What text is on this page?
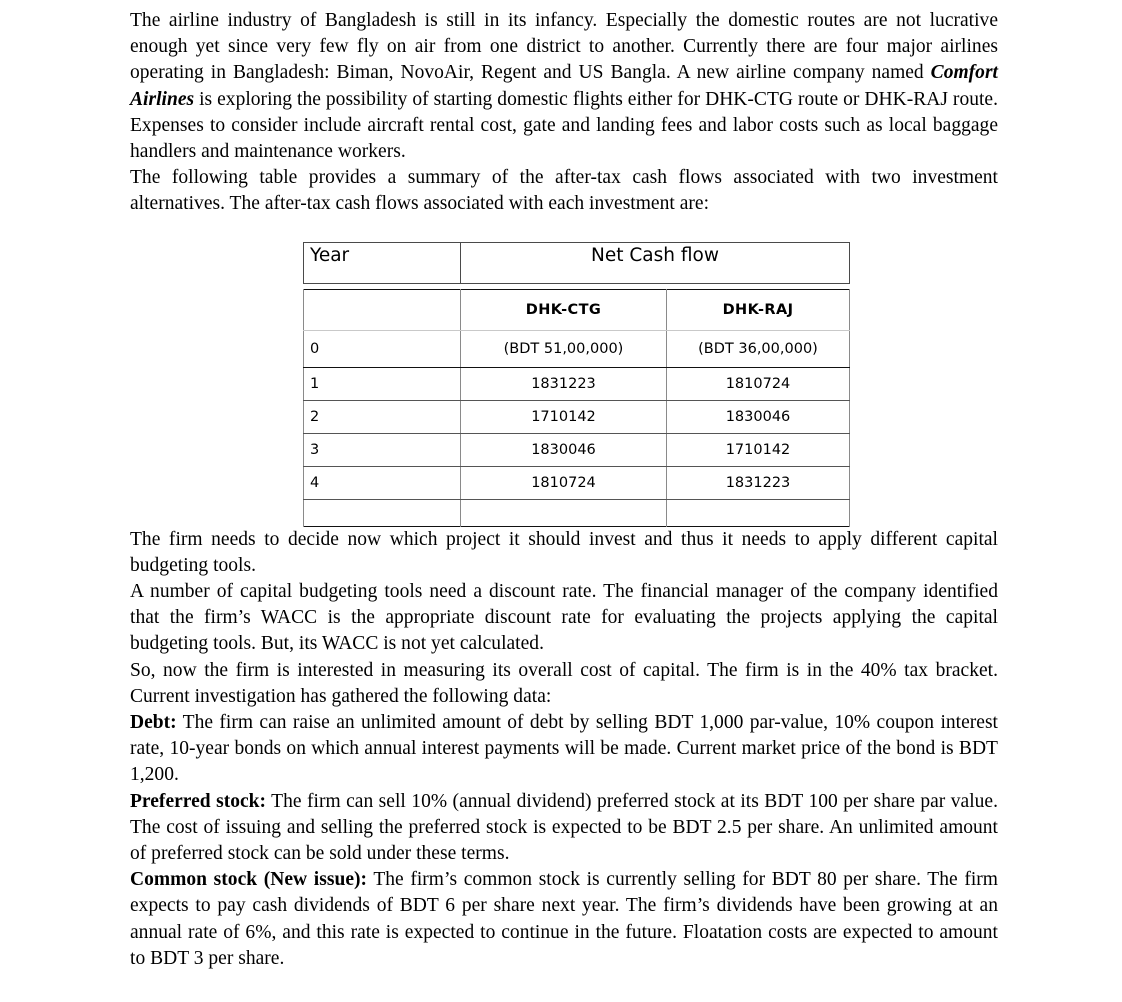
The airline industry of Bangladesh is still in its infancy. Especially the domestic routes are not lucrative enough yet since very few fly on air from one district to another. Currently there are four major airlines operating in Bangladesh: Biman, NovoAir, Regent and US Bangla. A new airline company named Comfort Airlines is exploring the possibility of starting domestic flights either for DHK-CTG route or DHK-RAJ route. Expenses to consider include aircraft rental cost, gate and landing fees and labor costs such as local baggage handlers and maintenance workers.

The following table provides a summary of the after-tax cash flows associated with two investment alternatives. The after-tax cash flows associated with each investment are:

Year	Net Cash flow
	DHK-CTG	DHK-RAJ
0	(BDT 51,00,000)	(BDT 36,00,000)
1	1831223	1810724
2	1710142	1830046
3	1830046	1710142
4	1810724	1831223

The firm needs to decide now which project it should invest and thus it needs to apply different capital budgeting tools.

A number of capital budgeting tools need a discount rate. The financial manager of the company identified that the firm’s WACC is the appropriate discount rate for evaluating the projects applying the capital budgeting tools. But, its WACC is not yet calculated.

So, now the firm is interested in measuring its overall cost of capital. The firm is in the 40% tax bracket. Current investigation has gathered the following data:

Debt: The firm can raise an unlimited amount of debt by selling BDT 1,000 par-value, 10% coupon interest rate, 10-year bonds on which annual interest payments will be made. Current market price of the bond is BDT 1,200.

Preferred stock: The firm can sell 10% (annual dividend) preferred stock at its BDT 100 per share par value. The cost of issuing and selling the preferred stock is expected to be BDT 2.5 per share. An unlimited amount of preferred stock can be sold under these terms.

Common stock (New issue): The firm’s common stock is currently selling for BDT 80 per share. The firm expects to pay cash dividends of BDT 6 per share next year. The firm’s dividends have been growing at an annual rate of 6%, and this rate is expected to continue in the future. Floatation costs are expected to amount to BDT 3 per share.
